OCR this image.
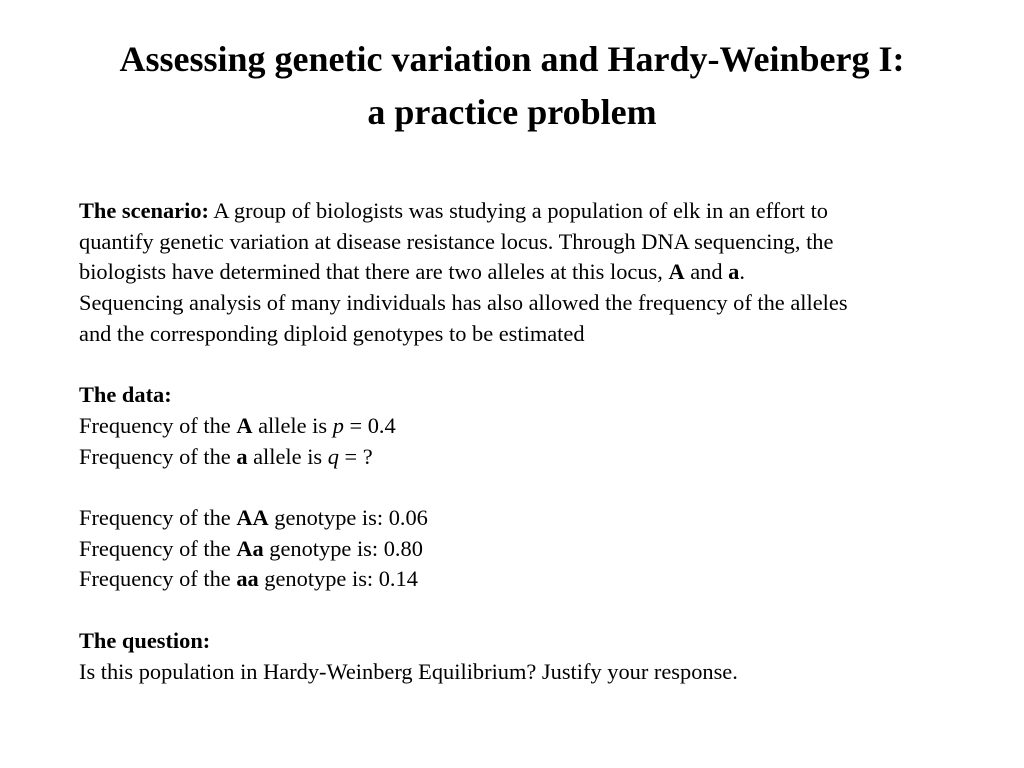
Assessing genetic variation and Hardy-Weinberg I:
a practice problem
The scenario: A group of biologists was studying a population of elk in an effort to
quantify genetic variation at disease resistance locus. Through DNA sequencing, the
biologists have determined that there are two alleles at this locus, A and a.
Sequencing analysis of many individuals has also allowed the frequency of the alleles
and the corresponding diploid genotypes to be estimated
The data:
Frequency of the A allele is p = 0.4
Frequency of the a allele is q = ?
Frequency of the AA genotype is: 0.06
Frequency of the Aa genotype is: 0.80
Frequency of the aa genotype is: 0.14
The question:
Is this population in Hardy-Weinberg Equilibrium? Justify your response.
